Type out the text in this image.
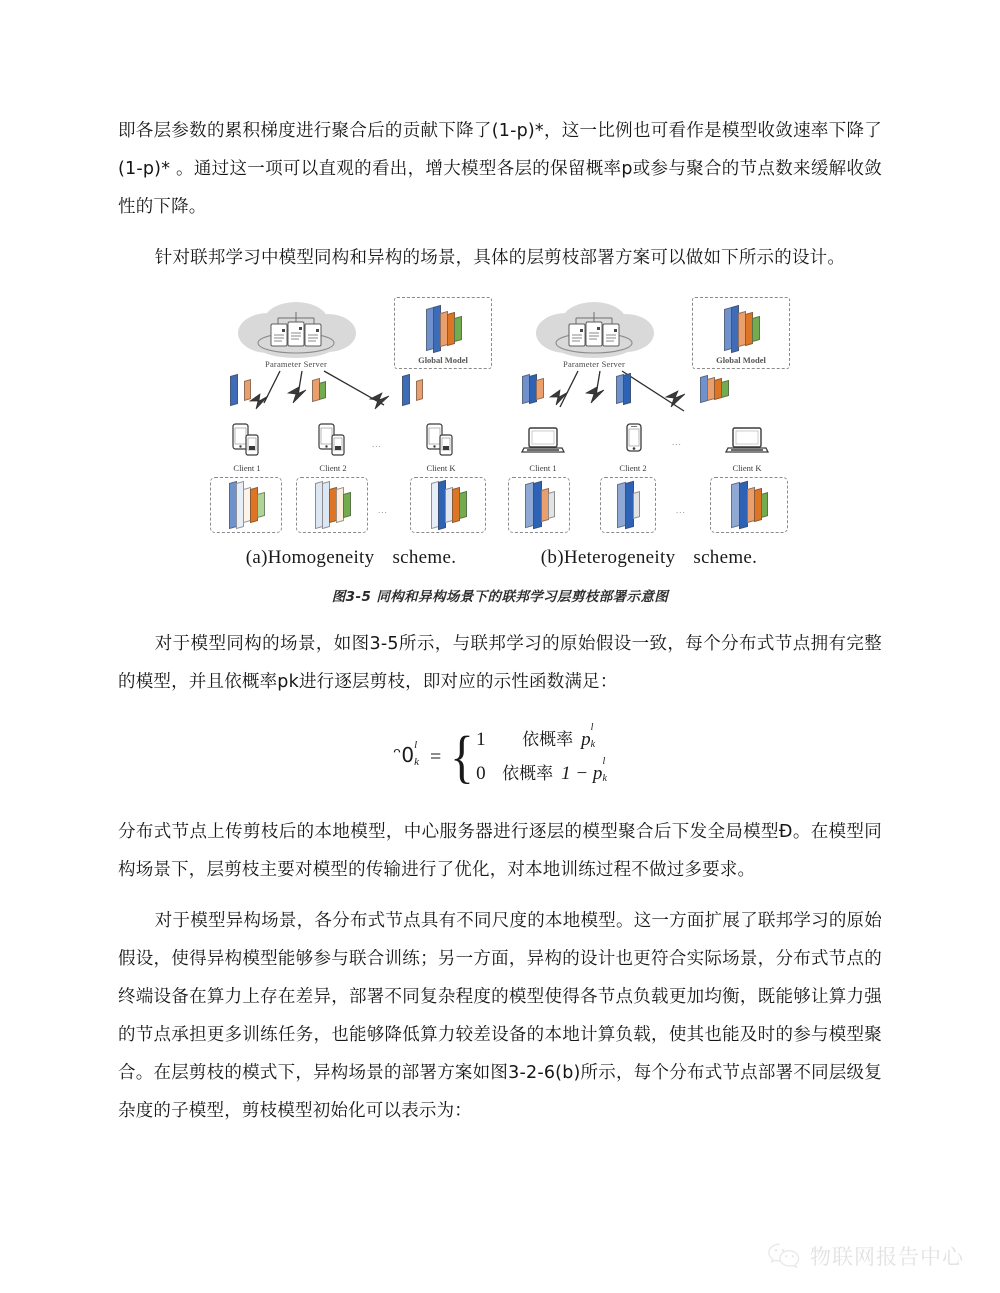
即各层参数的累积梯度进行聚合后的贡献下降了(1-p)*，这一比例也可看作是模型收敛速率下降了(1-p)* 。通过这一项可以直观的看出，增大模型各层的保留概率p或参与聚合的节点数来缓解收敛性的下降。

针对联邦学习中模型同构和异构的场景，具体的层剪枝部署方案可以做如下所示的设计。

Parameter Server	Global Model
Client 1	Client 2
...
Client K
...
Parameter Server	Global Model
Client 1	Client 2
...
Client K
...
(a)Homogeneity scheme.	(b)Heterogeneity scheme.
图3-5 同构和异构场景下的联邦学习层剪枝部署示意图

对于模型同构的场景，如图3-5所示，与联邦学习的原始假设一致，每个分布式节点拥有完整的模型，并且依概率pk进行逐层剪枝，即对应的示性函数满足：

ᵔ0$^l$
$_k$ = { 1	依概率 p
$^l$
$_k$
0 依概率 1 − p
$^l$
$_k$

分布式节点上传剪枝后的本地模型，中心服务器进行逐层的模型聚合后下发全局模型Ð。在模型同构场景下，层剪枝主要对模型的传输进行了优化，对本地训练过程不做过多要求。

对于模型异构场景，各分布式节点具有不同尺度的本地模型。这一方面扩展了联邦学习的原始假设，使得异构模型能够参与联合训练；另一方面，异构的设计也更符合实际场景，分布式节点的终端设备在算力上存在差异，部署不同复杂程度的模型使得各节点负载更加均衡，既能够让算力强的节点承担更多训练任务，也能够降低算力较差设备的本地计算负载，使其也能及时的参与模型聚合。在层剪枝的模式下，异构场景的部署方案如图3-2-6(b)所示，每个分布式节点部署不同层级复杂度的子模型，剪枝模型初始化可以表示为：

物联网报告中心
